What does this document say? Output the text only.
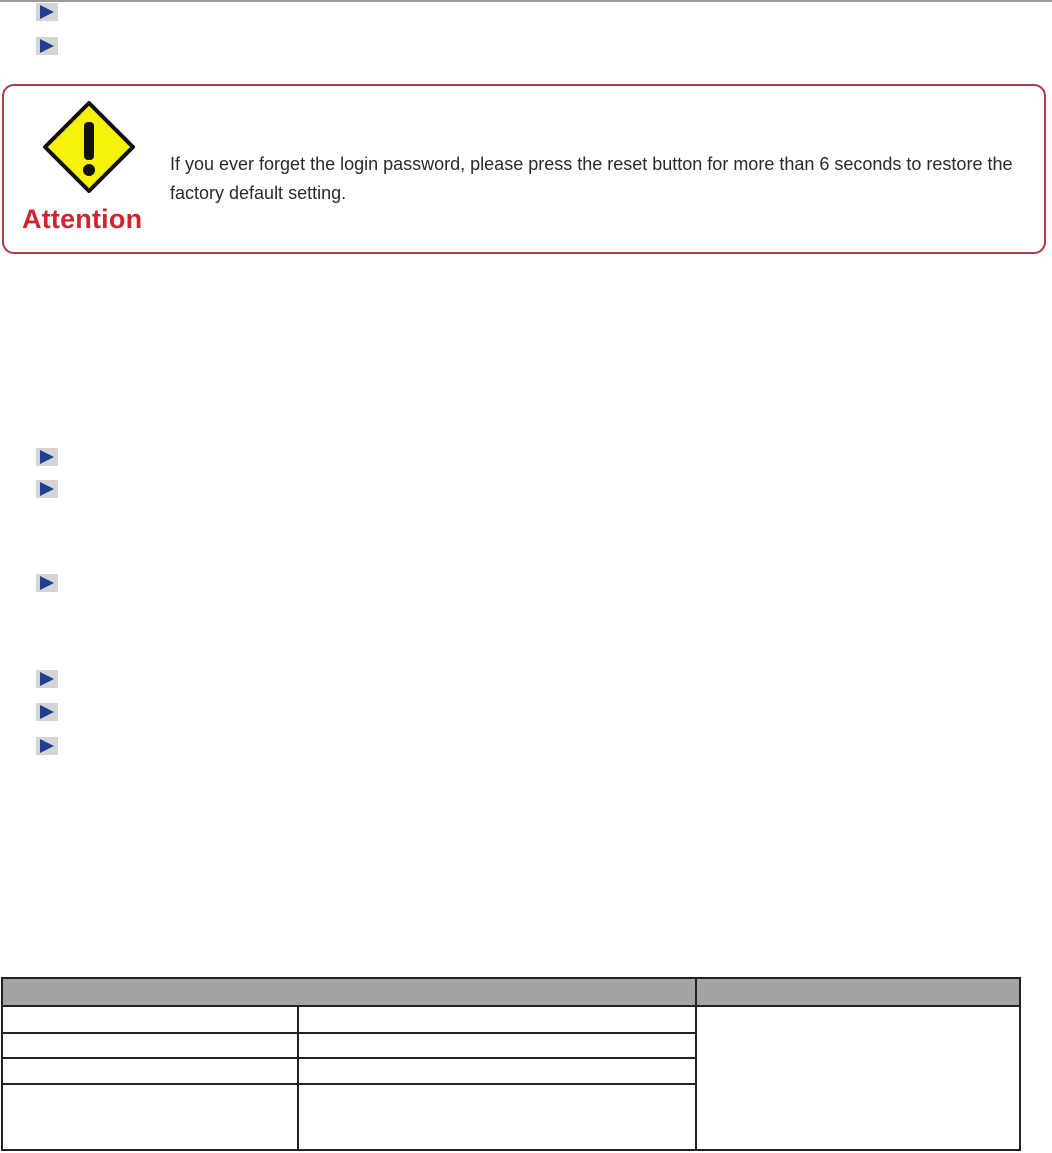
Attention
If you ever forget the login password, please press the reset button for more than 6 seconds to restore the factory default setting.
